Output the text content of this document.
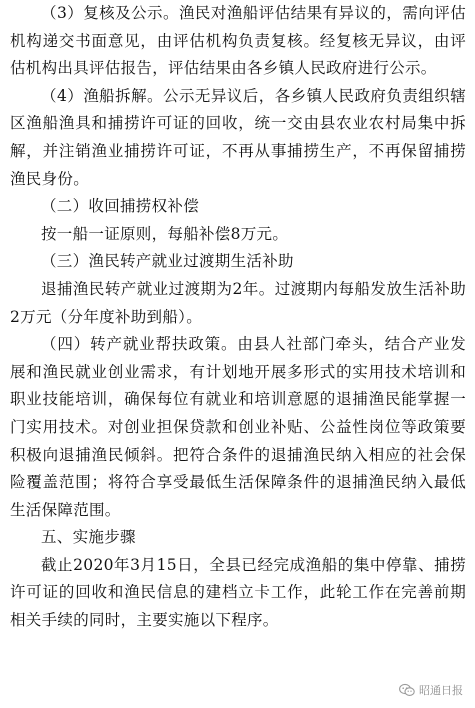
（3）复核及公示。渔民对渔船评估结果有异议的，需向评估机构递交书面意见，由评估机构负责复核。经复核无异议，由评估机构出具评估报告，评估结果由各乡镇人民政府进行公示。

（4）渔船拆解。公示无异议后，各乡镇人民政府负责组织辖区渔船渔具和捕捞许可证的回收，统一交由县农业农村局集中拆解，并注销渔业捕捞许可证，不再从事捕捞生产，不再保留捕捞渔民身份。

（二）收回捕捞权补偿

按一船一证原则，每船补偿8万元。

（三）渔民转产就业过渡期生活补助

退捕渔民转产就业过渡期为2年。过渡期内每船发放生活补助2万元（分年度补助到船）。

（四）转产就业帮扶政策。由县人社部门牵头，结合产业发展和渔民就业创业需求，有计划地开展多形式的实用技术培训和职业技能培训，确保每位有就业和培训意愿的退捕渔民能掌握一门实用技术。对创业担保贷款和创业补贴、公益性岗位等政策要积极向退捕渔民倾斜。把符合条件的退捕渔民纳入相应的社会保险覆盖范围；将符合享受最低生活保障条件的退捕渔民纳入最低生活保障范围。

五、实施步骤

截止2020年3月15日，全县已经完成渔船的集中停靠、捕捞许可证的回收和渔民信息的建档立卡工作，此轮工作在完善前期相关手续的同时，主要实施以下程序。

昭通日报
